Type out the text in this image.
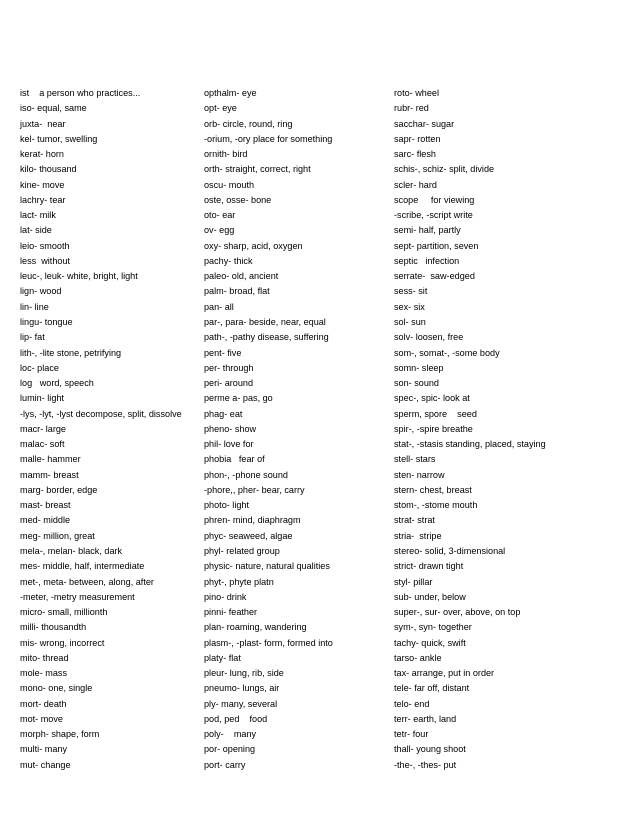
ist    a person who practices...
iso- equal, same
juxta-  near
kel- tumor, swelling
kerat- horn
kilo- thousand
kine- move
lachry- tear
lact- milk
lat- side
leio- smooth
less  without
leuc-, leuk- white, bright, light
lign- wood
lin- line
lingu- tongue
lip- fat
lith-, -lite stone, petrifying
loc- place
log   word, speech
lumin- light
-lys, -lyt, -lyst decompose, split, dissolve
macr- large
malac- soft
malle- hammer
mamm- breast
marg- border, edge
mast- breast
med- middle
meg- million, great
mela-, melan- black, dark
mes- middle, half, intermediate
met-, meta- between, along, after
-meter, -metry measurement
micro- small, millionth
milli- thousandth
mis- wrong, incorrect
mito- thread
mole- mass
mono- one, single
mort- death
mot- move
morph- shape, form
multi- many
mut- change
opthalm- eye
opt- eye
orb- circle, round, ring
-orium, -ory place for something
ornith- bird
orth- straight, correct, right
oscu- mouth
oste, osse- bone
oto- ear
ov- egg
oxy- sharp, acid, oxygen
pachy- thick
paleo- old, ancient
palm- broad, flat
pan- all
par-, para- beside, near, equal
path-, -pathy disease, suffering
pent- five
per- through
peri- around
perme a- pas, go
phag- eat
pheno- show
phil- love for
phobia   fear of
phon-, -phone sound
-phore,, pher- bear, carry
photo- light
phren- mind, diaphragm
phyc- seaweed, algae
phyl- related group
physic- nature, natural qualities
phyt-, phyte platn
pino- drink
pinni- feather
plan- roaming, wandering
plasm-, -plast- form, formed into
platy- flat
pleur- lung, rib, side
pneumo- lungs, air
ply- many, several
pod, ped    food
poly-    many
por- opening
port- carry
roto- wheel
rubr- red
sacchar- sugar
sapr- rotten
sarc- flesh
schis-, schiz- split, divide
scler- hard
scope     for viewing
-scribe, -script write
semi- half, partly
sept- partition, seven
septic   infection
serrate-  saw-edged
sess- sit
sex- six
sol- sun
solv- loosen, free
som-, somat-, -some body
somn- sleep
son- sound
spec-, spic- look at
sperm, spore    seed
spir-, -spire breathe
stat-, -stasis standing, placed, staying
stell- stars
sten- narrow
stern- chest, breast
stom-, -stome mouth
strat- strat
stria-  stripe
stereo- solid, 3-dimensional
strict- drawn tight
styl- pillar
sub- under, below
super-, sur- over, above, on top
sym-, syn- together
tachy- quick, swift
tarso- ankle
tax- arrange, put in order
tele- far off, distant
telo- end
terr- earth, land
tetr- four
thall- young shoot
-the-, -thes- put
